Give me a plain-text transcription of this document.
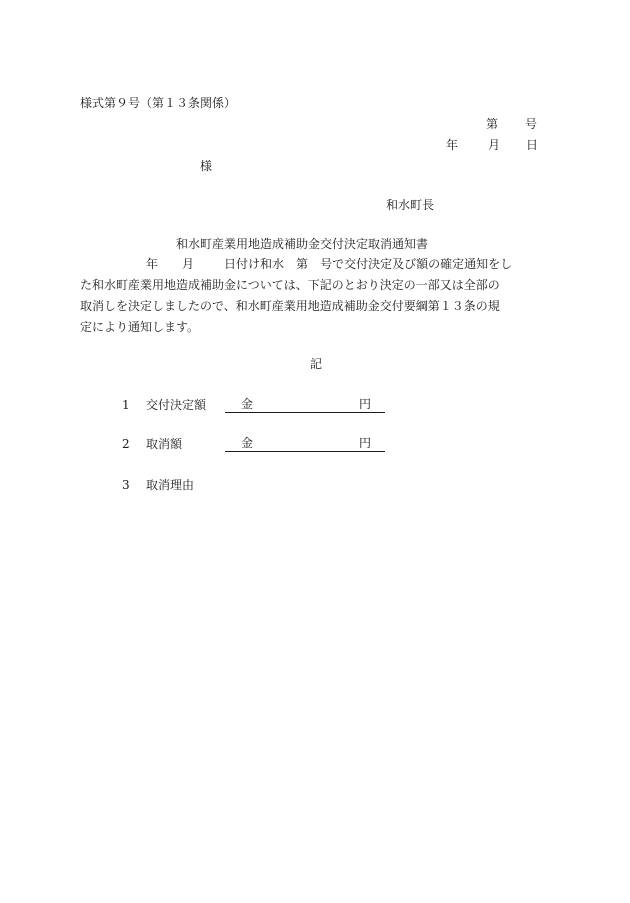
様式第９号（第１３条関係）
第 号
年	月 日
様
和水町長
和水町産業用地造成補助金交付決定取消通知書
年 月	日付け和水 第 号で交付決定及び額の確定通知をし
た和水町産業用地造成補助金については、下記のとおり決定の一部又は全部の
取消しを決定しましたので、和水町産業用地造成補助金交付要綱第１３条の規
定により通知します。
記
1 交付決定額	金	円
2 取消額	金	円
3 取消理由
